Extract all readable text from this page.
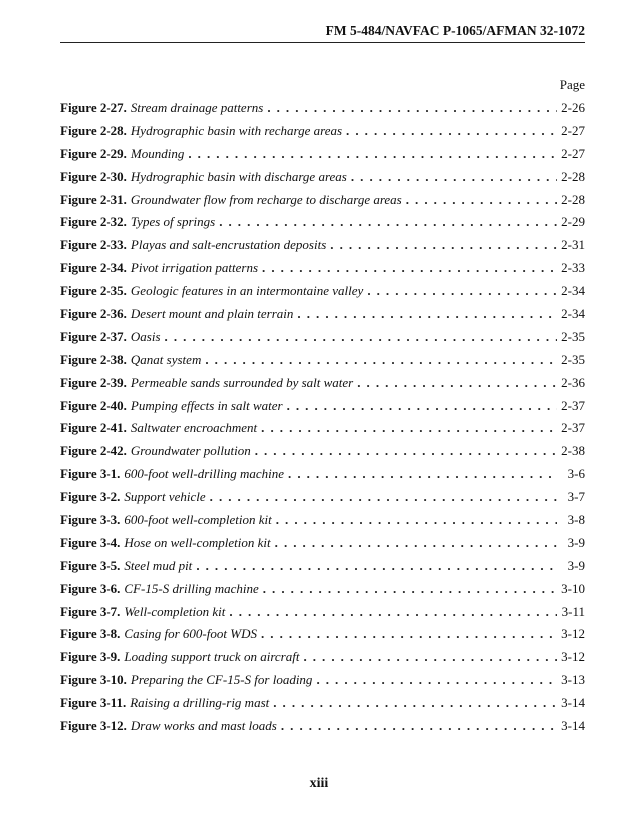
FM 5-484/NAVFAC P-1065/AFMAN 32-1072
Page
Figure 2-27. Stream drainage patterns . . .	2-26
Figure 2-28. Hydrographic basin with recharge areas . . .	2-27
Figure 2-29. Mounding . . .	2-27
Figure 2-30. Hydrographic basin with discharge areas . . .	2-28
Figure 2-31. Groundwater flow from recharge to discharge areas . . .	2-28
Figure 2-32. Types of springs . . .	2-29
Figure 2-33. Playas and salt-encrustation deposits . . .	2-31
Figure 2-34. Pivot irrigation patterns . . .	2-33
Figure 2-35. Geologic features in an intermontaine valley . . .	2-34
Figure 2-36. Desert mount and plain terrain . . .	2-34
Figure 2-37. Oasis . . .	2-35
Figure 2-38. Qanat system . . .	2-35
Figure 2-39. Permeable sands surrounded by salt water . . .	2-36
Figure 2-40. Pumping effects in salt water . . .	2-37
Figure 2-41. Saltwater encroachment . . .	2-37
Figure 2-42. Groundwater pollution . . .	2-38
Figure 3-1. 600-foot well-drilling machine . . .	3-6
Figure 3-2. Support vehicle . . .	3-7
Figure 3-3. 600-foot well-completion kit . . .	3-8
Figure 3-4. Hose on well-completion kit . . .	3-9
Figure 3-5. Steel mud pit . . .	3-9
Figure 3-6. CF-15-S drilling machine . . .	3-10
Figure 3-7. Well-completion kit . . .	3-11
Figure 3-8. Casing for 600-foot WDS . . .	3-12
Figure 3-9. Loading support truck on aircraft . . .	3-12
Figure 3-10. Preparing the CF-15-S for loading . . .	3-13
Figure 3-11. Raising a drilling-rig mast . . .	3-14
Figure 3-12. Draw works and mast loads . . .	3-14
xiii
